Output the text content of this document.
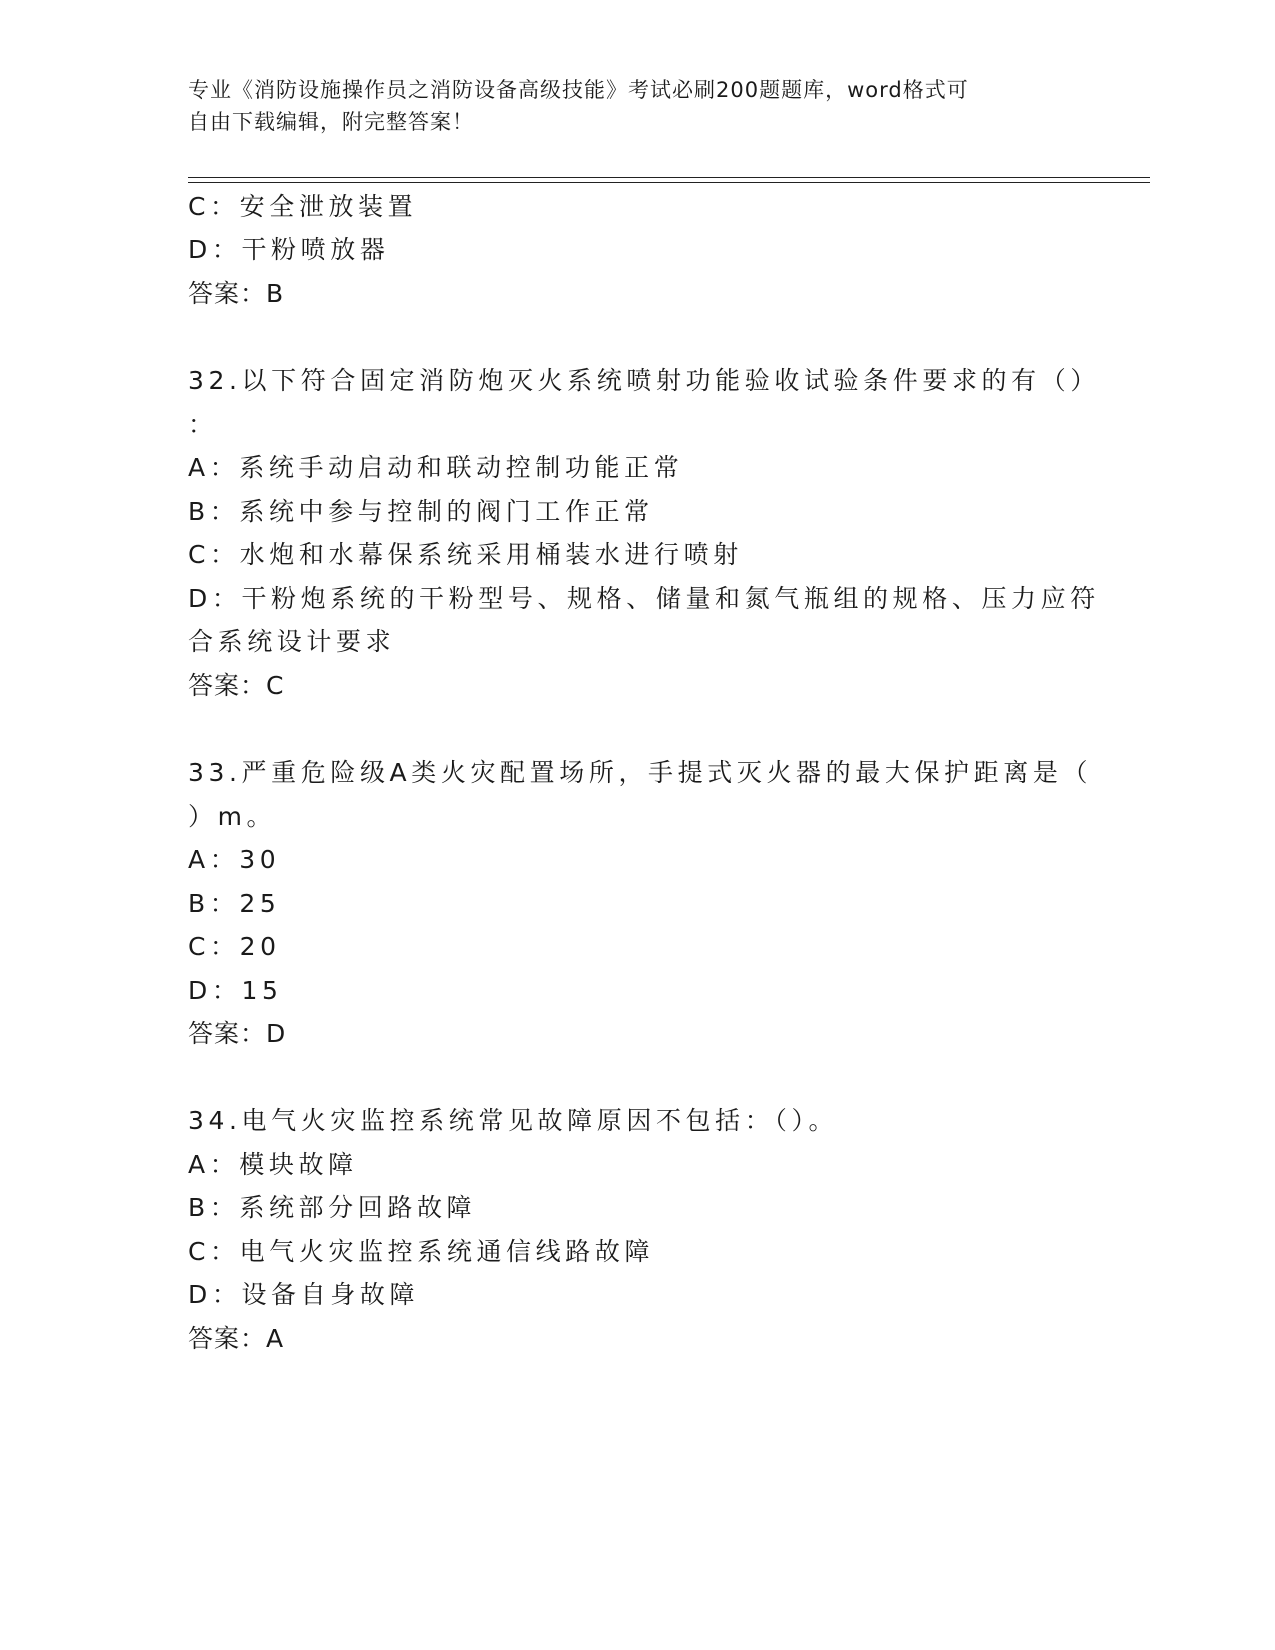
专业《消防设施操作员之消防设备高级技能》考试必刷200题题库，word格式可
自由下载编辑，附完整答案！
C：安全泄放装置
D：干粉喷放器
答案：B
32.以下符合固定消防炮灭火系统喷射功能验收试验条件要求的有（）
：
A：系统手动启动和联动控制功能正常
B：系统中参与控制的阀门工作正常
C：水炮和水幕保系统采用桶装水进行喷射
D：干粉炮系统的干粉型号、规格、储量和氮气瓶组的规格、压力应符
合系统设计要求
答案：C
33.严重危险级A类火灾配置场所，手提式灭火器的最大保护距离是（
）m。
A：30
B：25
C：20
D：15
答案：D
34.电气火灾监控系统常见故障原因不包括：（）。
A：模块故障
B：系统部分回路故障
C：电气火灾监控系统通信线路故障
D：设备自身故障
答案：A
